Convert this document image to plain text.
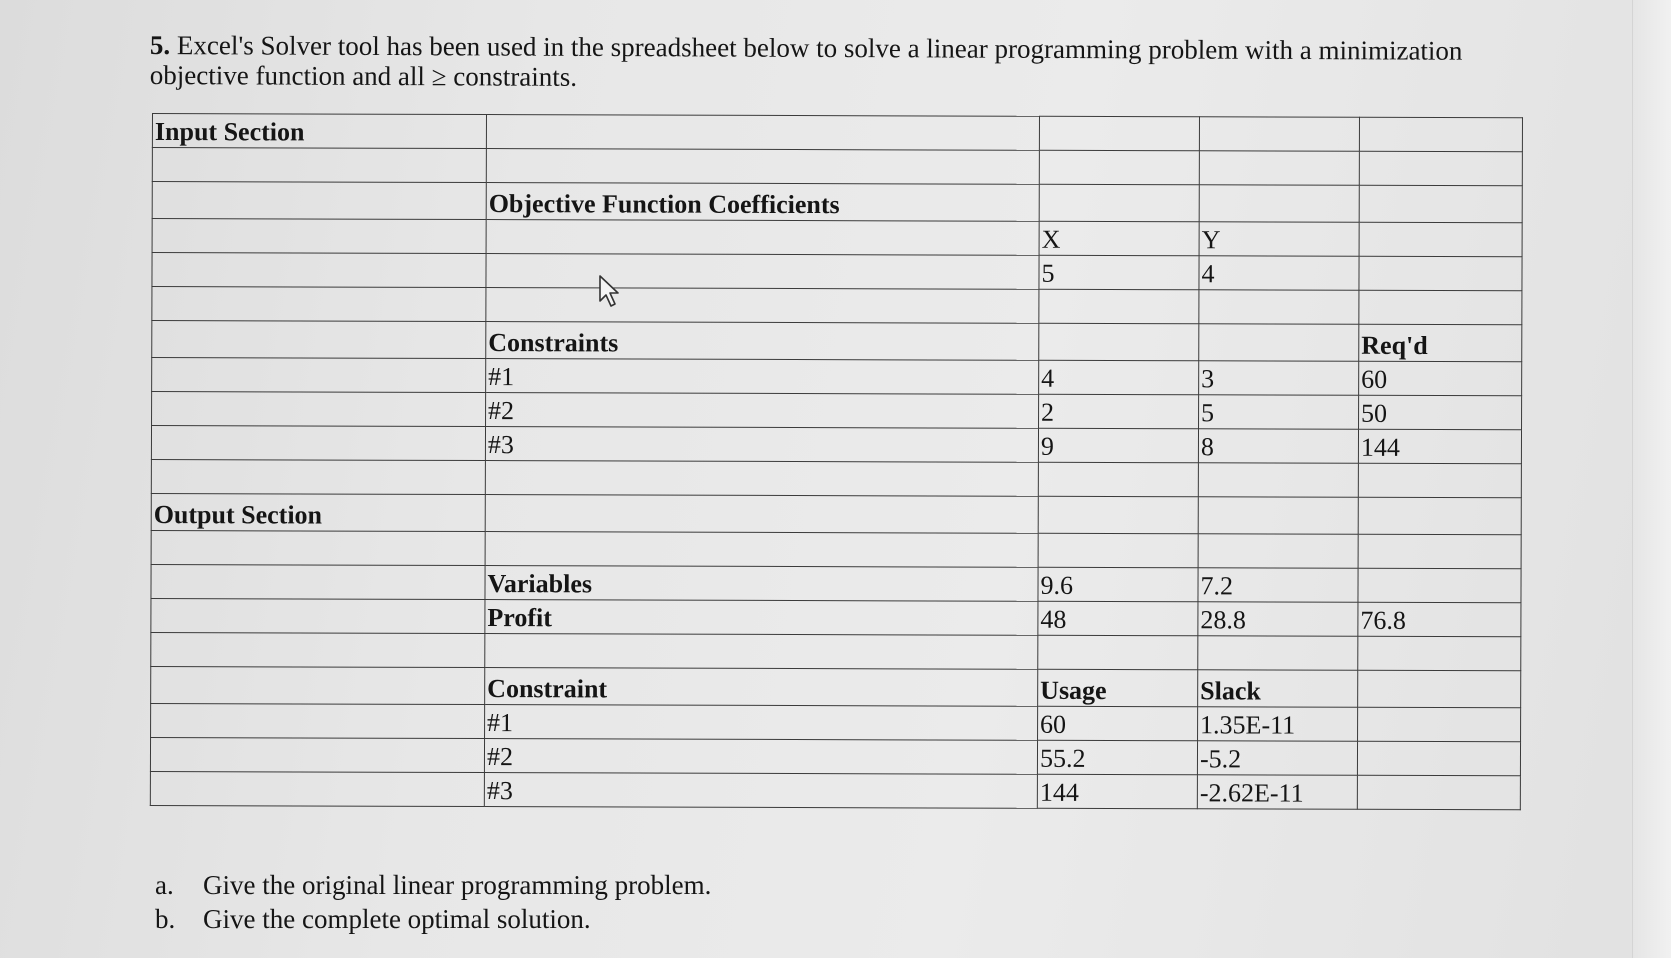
5. Excel's Solver tool has been used in the spreadsheet below to solve a linear programming problem with a minimization objective function and all ≥ constraints.
Input Section				

	Objective Function Coefficients			
		X	Y	
		5	4	

	Constraints			Req'd
	#1	4	3	60
	#2	2	5	50
	#3	9	8	144

Output Section				

	Variables	9.6	7.2	
	Profit	48	28.8	76.8

	Constraint	Usage	Slack	
	#1	60	1.35E-11	
	#2	55.2	-5.2	
	#3	144	-2.62E-11	
a. Give the original linear programming problem.
b. Give the complete optimal solution.
